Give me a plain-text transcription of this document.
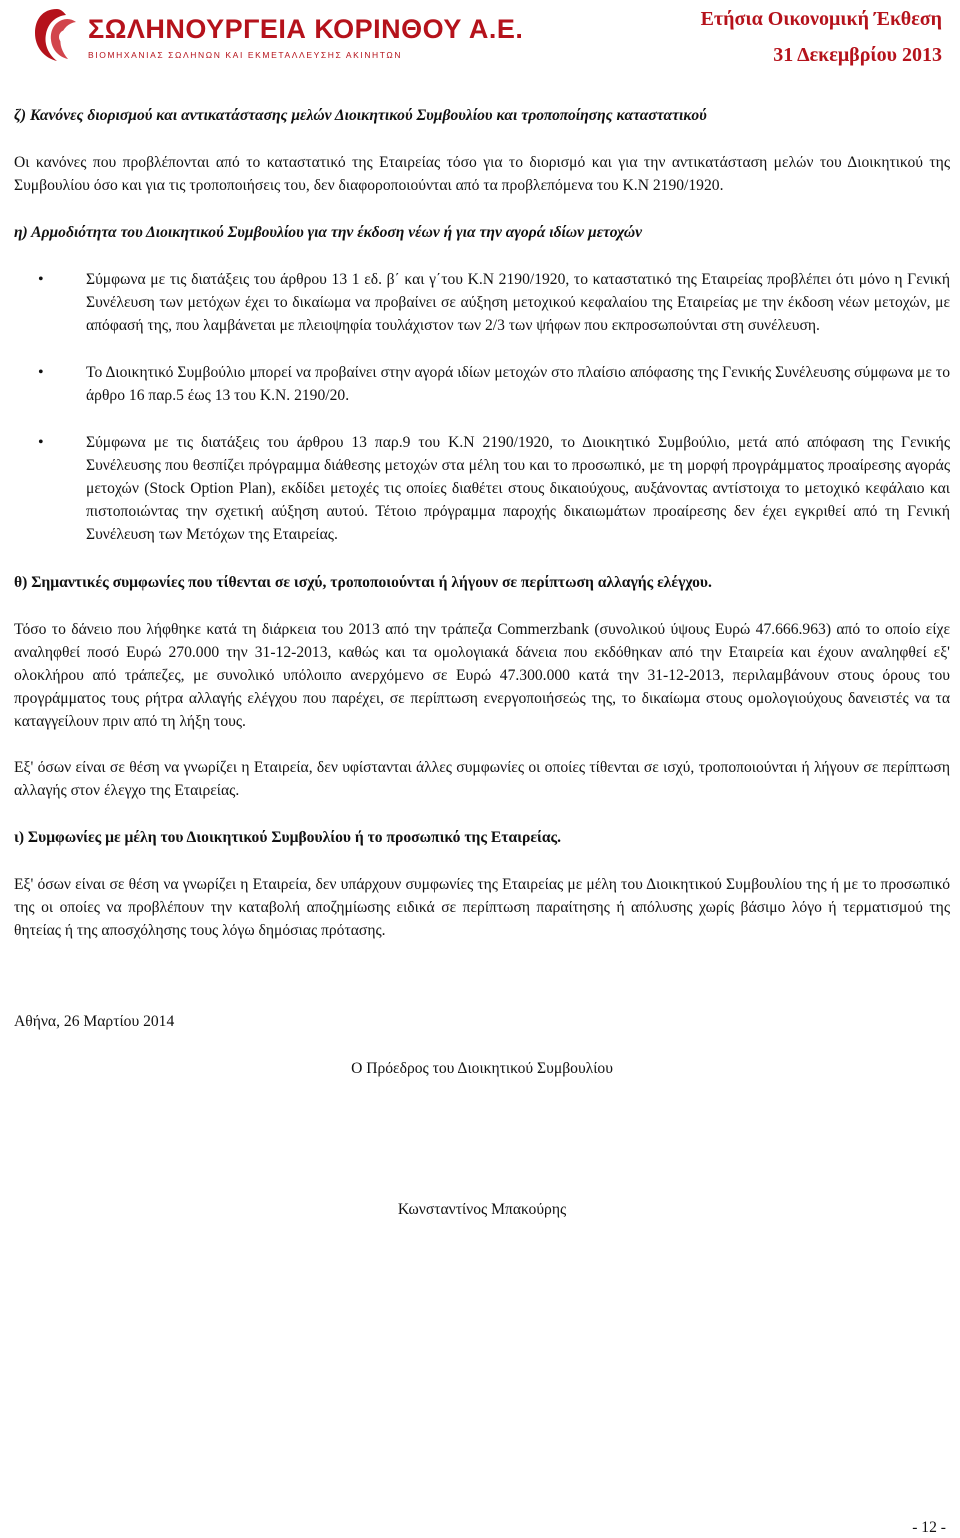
ΣΩΛΗΝΟΥΡΓΕΙΑ ΚΟΡΙΝΘΟΥ Α.Ε.
ΒΙΟΜΗΧΑΝΙΑΣ ΣΩΛΗΝΩΝ ΚΑΙ ΕΚΜΕΤΑΛΛΕΥΣΗΣ ΑΚΙΝΗΤΩΝ
Ετήσια Οικονομική Έκθεση
31 Δεκεμβρίου 2013
ζ) Κανόνες διορισμού και αντικατάστασης μελών Διοικητικού Συμβουλίου και τροποποίησης καταστατικού

Οι κανόνες που προβλέπονται από το καταστατικό της Εταιρείας τόσο για το διορισμό και για την αντικατάσταση μελών του Διοικητικού της Συμβουλίου όσο και για τις τροποποιήσεις του, δεν διαφοροποιούνται από τα προβλεπόμενα του Κ.Ν 2190/1920.

η) Αρμοδιότητα του Διοικητικού Συμβουλίου για την έκδοση νέων ή για την αγορά ιδίων μετοχών
• Σύμφωνα με τις διατάξεις του άρθρου 13 1 εδ. β΄ και γ΄του Κ.Ν 2190/1920, το καταστατικό της Εταιρείας προβλέπει ότι μόνο η Γενική Συνέλευση των μετόχων έχει το δικαίωμα να προβαίνει σε αύξηση μετοχικού κεφαλαίου της Εταιρείας με την έκδοση νέων μετοχών, με απόφασή της, που λαμβάνεται με πλειοψηφία τουλάχιστον των 2/3 των ψήφων που εκπροσωπούνται στη συνέλευση.
• Το Διοικητικό Συμβούλιο μπορεί να προβαίνει στην αγορά ιδίων μετοχών στο πλαίσιο απόφασης της Γενικής Συνέλευσης σύμφωνα με το άρθρο 16 παρ.5 έως 13 του Κ.Ν. 2190/20.
• Σύμφωνα με τις διατάξεις του άρθρου 13 παρ.9 του Κ.Ν 2190/1920, το Διοικητικό Συμβούλιο, μετά από απόφαση της Γενικής Συνέλευσης που θεσπίζει πρόγραμμα διάθεσης μετοχών στα μέλη του και το προσωπικό, με τη μορφή προγράμματος προαίρεσης αγοράς μετοχών (Stock Option Plan), εκδίδει μετοχές τις οποίες διαθέτει στους δικαιούχους, αυξάνοντας αντίστοιχα το μετοχικό κεφάλαιο και πιστοποιώντας την σχετική αύξηση αυτού. Τέτοιο πρόγραμμα παροχής δικαιωμάτων προαίρεσης δεν έχει εγκριθεί από τη Γενική Συνέλευση των Μετόχων της Εταιρείας.
θ) Σημαντικές συμφωνίες που τίθενται σε ισχύ, τροποποιούνται ή λήγουν σε περίπτωση αλλαγής ελέγχου.

Τόσο το δάνειο που λήφθηκε κατά τη διάρκεια του 2013 από την τράπεζα Commerzbank (συνολικού ύψους Ευρώ 47.666.963) από το οποίο είχε αναληφθεί ποσό Ευρώ 270.000 την 31-12-2013, καθώς και τα ομολογιακά δάνεια που εκδόθηκαν από την Εταιρεία και έχουν αναληφθεί εξ' ολοκλήρου από τράπεζες, με συνολικό υπόλοιπο ανερχόμενο σε Ευρώ 47.300.000 κατά την 31-12-2013, περιλαμβάνουν στους όρους του προγράμματος τους ρήτρα αλλαγής ελέγχου που παρέχει, σε περίπτωση ενεργοποιήσεώς της, το δικαίωμα στους ομολογιούχους δανειστές να τα καταγγείλουν πριν από τη λήξη τους.

Εξ' όσων είναι σε θέση να γνωρίζει η Εταιρεία, δεν υφίστανται άλλες συμφωνίες οι οποίες τίθενται σε ισχύ, τροποποιούνται ή λήγουν σε περίπτωση αλλαγής στον έλεγχο της Εταιρείας.

ι) Συμφωνίες με μέλη του Διοικητικού Συμβουλίου ή το προσωπικό της Εταιρείας.

Εξ' όσων είναι σε θέση να γνωρίζει η Εταιρεία, δεν υπάρχουν συμφωνίες της Εταιρείας με μέλη του Διοικητικού Συμβουλίου της ή με το προσωπικό της οι οποίες να προβλέπουν την καταβολή αποζημίωσης ειδικά σε περίπτωση παραίτησης ή απόλυσης χωρίς βάσιμο λόγο ή τερματισμού της θητείας ή της αποσχόλησης τους λόγω δημόσιας πρότασης.

Αθήνα, 26 Μαρτίου 2014

Ο Πρόεδρος του Διοικητικού Συμβουλίου

Κωνσταντίνος Μπακούρης

- 12 -
